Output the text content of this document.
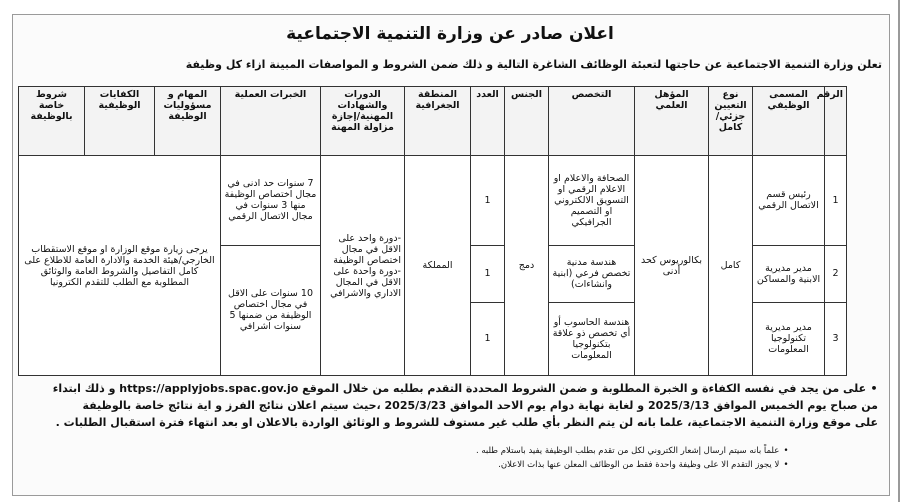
اعلان صادر عن وزارة التنمية الاجتماعية
تعلن وزارة التنمية الاجتماعية عن حاجتها لتعبئة الوظائف الشاغرة التالية و ذلك ضمن الشروط و المواصفات المبينة ازاء كل وظيفة
الرقم	المسمى الوظيفي	نوع التعيين جزئي/كامل	المؤهل العلمي	التخصص	الجنس	العدد	المنطقة الجغرافية	الدورات والشهادات المهنية/إجازة مزاولة المهنة	الخبرات العملية	المهام و مسؤوليات الوظيفة	الكفايات الوظيفية	شروط خاصة بالوظيفة
1	رئيس قسم الاتصال الرقمي	كامل	بكالوريوس كحد أدنى	الصحافة والاعلام او الاعلام الرقمي او التسويق الالكتروني او التصميم الجرافيكي	دمج	1	المملكة	-دورة واحد على الاقل في مجال اختصاص الوظيفة -دورة واحدة على الاقل في المجال الاداري والاشرافي	7 سنوات حد ادنى في مجال اختصاص الوظيفة منها 3 سنوات في مجال الاتصال الرقمي	يرجى زيارة موقع الوزارة او موقع الاستقطاب الخارجي/هيئة الخدمة والادارة العامة للاطلاع على كامل التفاصيل والشروط العامة والوثائق المطلوبة مع الطلب للتقدم الكترونيا		
2	مدير مديرية الابنية والمساكن			هندسة مدنية تخصص فرعي (ابنية وانشاءات)		1			10 سنوات على الاقل في مجال اختصاص الوظيفة من ضمنها 5 سنوات اشرافي			
3	مدير مديرية تكنولوجيا المعلومات			هندسة الحاسوب أو أي تخصص ذو علاقة بتكنولوجيا المعلومات		1						

• على من يجد في نفسه الكفاءة و الخبرة المطلوبة و ضمن الشروط المحددة التقدم بطلبه من خلال الموقع https://applyjobs.spac.gov.jo و ذلك ابتداء

من صباح يوم الخميس الموافق 2025/3/13 و لغاية نهاية دوام يوم الاحد الموافق 2025/3/23 ،حيث سيتم اعلان نتائج الفرز و اية نتائج خاصة بالوظيفة

على موقع وزارة التنمية الاجتماعية، علما بانه لن يتم النظر بأي طلب غير مستوف للشروط و الوثائق الواردة بالاعلان او بعد انتهاء فترة استقبال الطلبات .

• علماً بانه سيتم ارسال إشعار الكتروني لكل من تقدم بطلب الوظيفة يفيد باستلام طلبه .
• لا يجوز التقدم الا على وظيفة واحدة فقط من الوظائف المعلن عنها بذات الاعلان.
